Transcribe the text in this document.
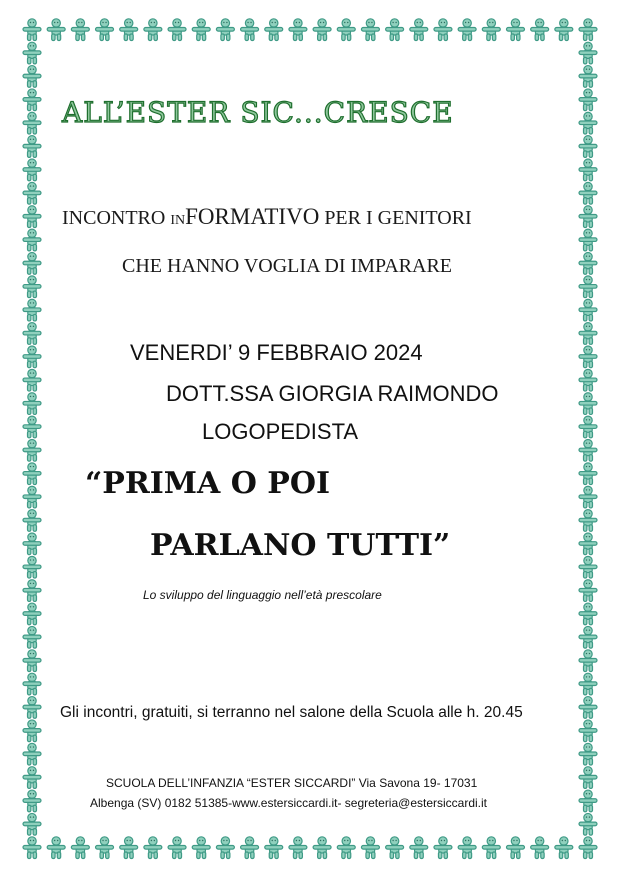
ALL’ESTER SIC...CRESCE
INCONTRO INFORMATIVO PER I GENITORI
CHE HANNO VOGLIA DI IMPARARE
VENERDI’ 9 FEBBRAIO 2024
DOTT.SSA GIORGIA RAIMONDO
LOGOPEDISTA
“PRIMA O POI
PARLANO TUTTI”
Lo sviluppo del linguaggio nell’età prescolare
Gli incontri, gratuiti, si terranno nel salone della Scuola alle h. 20.45
SCUOLA DELL’INFANZIA “ESTER SICCARDI” Via Savona 19- 17031
Albenga (SV) 0182 51385-www.estersiccardi.it- segreteria@estersiccardi.it
